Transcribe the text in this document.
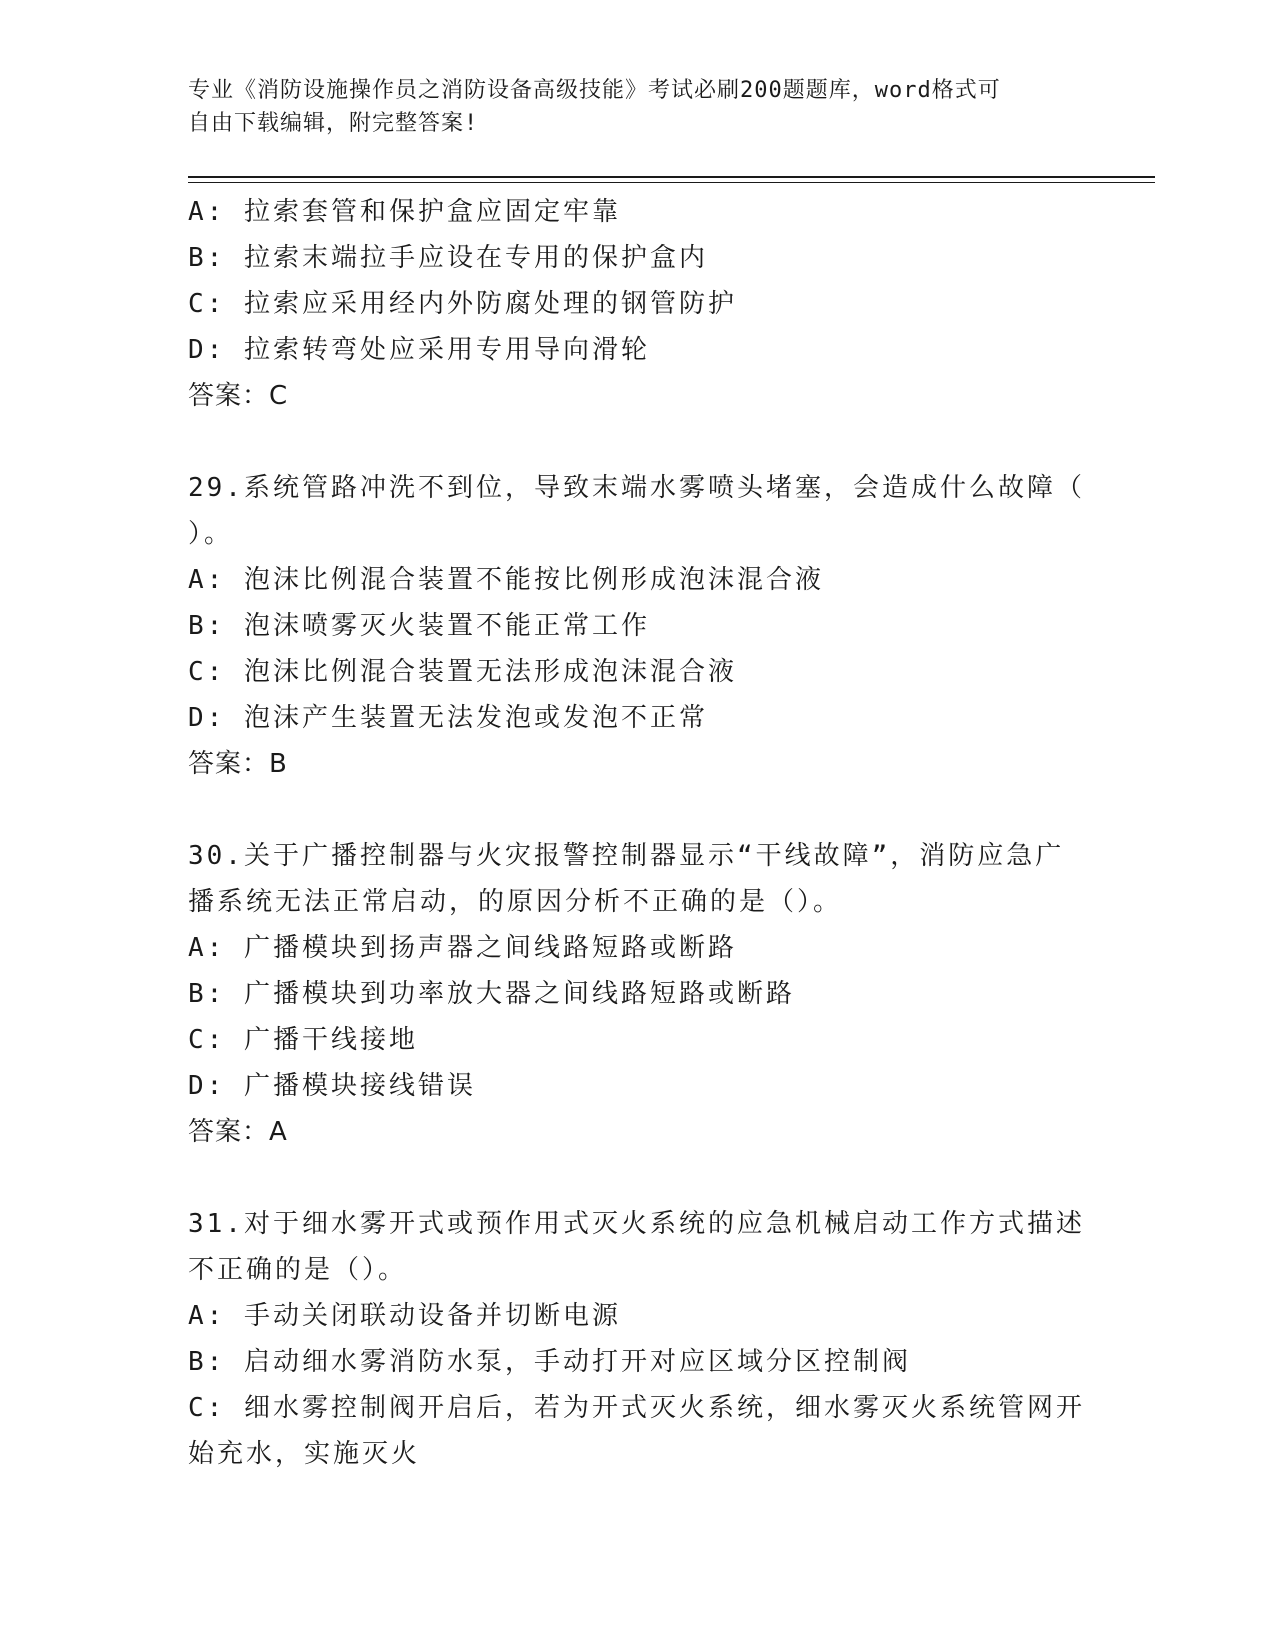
专业《消防设施操作员之消防设备高级技能》考试必刷200题题库，word格式可
自由下载编辑，附完整答案!
A: 拉索套管和保护盒应固定牢靠
B: 拉索末端拉手应设在专用的保护盒内
C: 拉索应采用经内外防腐处理的钢管防护
D: 拉索转弯处应采用专用导向滑轮
答案：C
29.系统管路冲洗不到位，导致末端水雾喷头堵塞，会造成什么故障（
）。
A: 泡沫比例混合装置不能按比例形成泡沫混合液
B: 泡沫喷雾灭火装置不能正常工作
C: 泡沫比例混合装置无法形成泡沫混合液
D: 泡沫产生装置无法发泡或发泡不正常
答案：B
30.关于广播控制器与火灾报警控制器显示“干线故障”，消防应急广
播系统无法正常启动，的原因分析不正确的是（）。
A: 广播模块到扬声器之间线路短路或断路
B: 广播模块到功率放大器之间线路短路或断路
C: 广播干线接地
D: 广播模块接线错误
答案：A
31.对于细水雾开式或预作用式灭火系统的应急机械启动工作方式描述
不正确的是（）。
A: 手动关闭联动设备并切断电源
B: 启动细水雾消防水泵，手动打开对应区域分区控制阀
C: 细水雾控制阀开启后，若为开式灭火系统，细水雾灭火系统管网开
始充水，实施灭火
